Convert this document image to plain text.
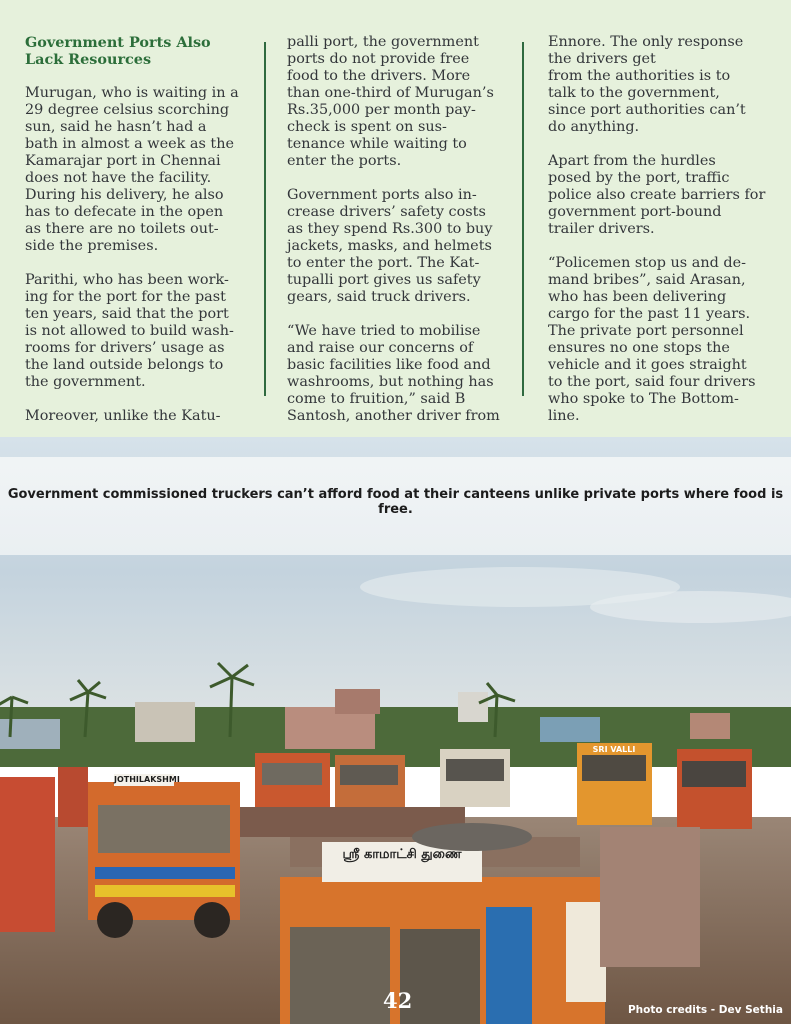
Government Ports Also
Lack Resources

Murugan, who is waiting in a
29 degree celsius scorching
sun, said he hasn’t had a
bath in almost a week as the
Kamarajar port in Chennai
does not have the facility.
During his delivery, he also
has to defecate in the open
as there are no toilets out-
side the premises.

Parithi, who has been work-
ing for the port for the past
ten years, said that the port
is not allowed to build wash-
rooms for drivers’ usage as
the land outside belongs to
the government.

Moreover, unlike the Katu-

palli port, the government
ports do not provide free
food to the drivers. More
than one-third of Murugan’s
Rs.35,000 per month pay-
check is spent on sus-
tenance while waiting to
enter the ports.

Government ports also in-
crease drivers’ safety costs
as they spend Rs.300 to buy
jackets, masks, and helmets
to enter the port. The Kat-
tupalli port gives us safety
gears, said truck drivers.

“We have tried to mobilise
and raise our concerns of
basic facilities like food and
washrooms, but nothing has
come to fruition,” said B
Santosh, another driver from

Ennore. The only response
the drivers get
from the authorities is to
talk to the government,
since port authorities can’t
do anything.

Apart from the hurdles
posed by the port, traffic
police also create barriers for
government port-bound
trailer drivers.

“Policemen stop us and de-
mand bribes”, said Arasan,
who has been delivering
cargo for the past 11 years.
The private port personnel
ensures no one stops the
vehicle and it goes straight
to the port, said four drivers
who spoke to The Bottom-
line.

Government commissioned truckers can’t afford food at their canteens unlike private ports where food is free.
ஸ்ரீ காமாட்சி துணை
JOTHILAKSHMI
SRI VALLI
42	Photo credits - Dev Sethia
